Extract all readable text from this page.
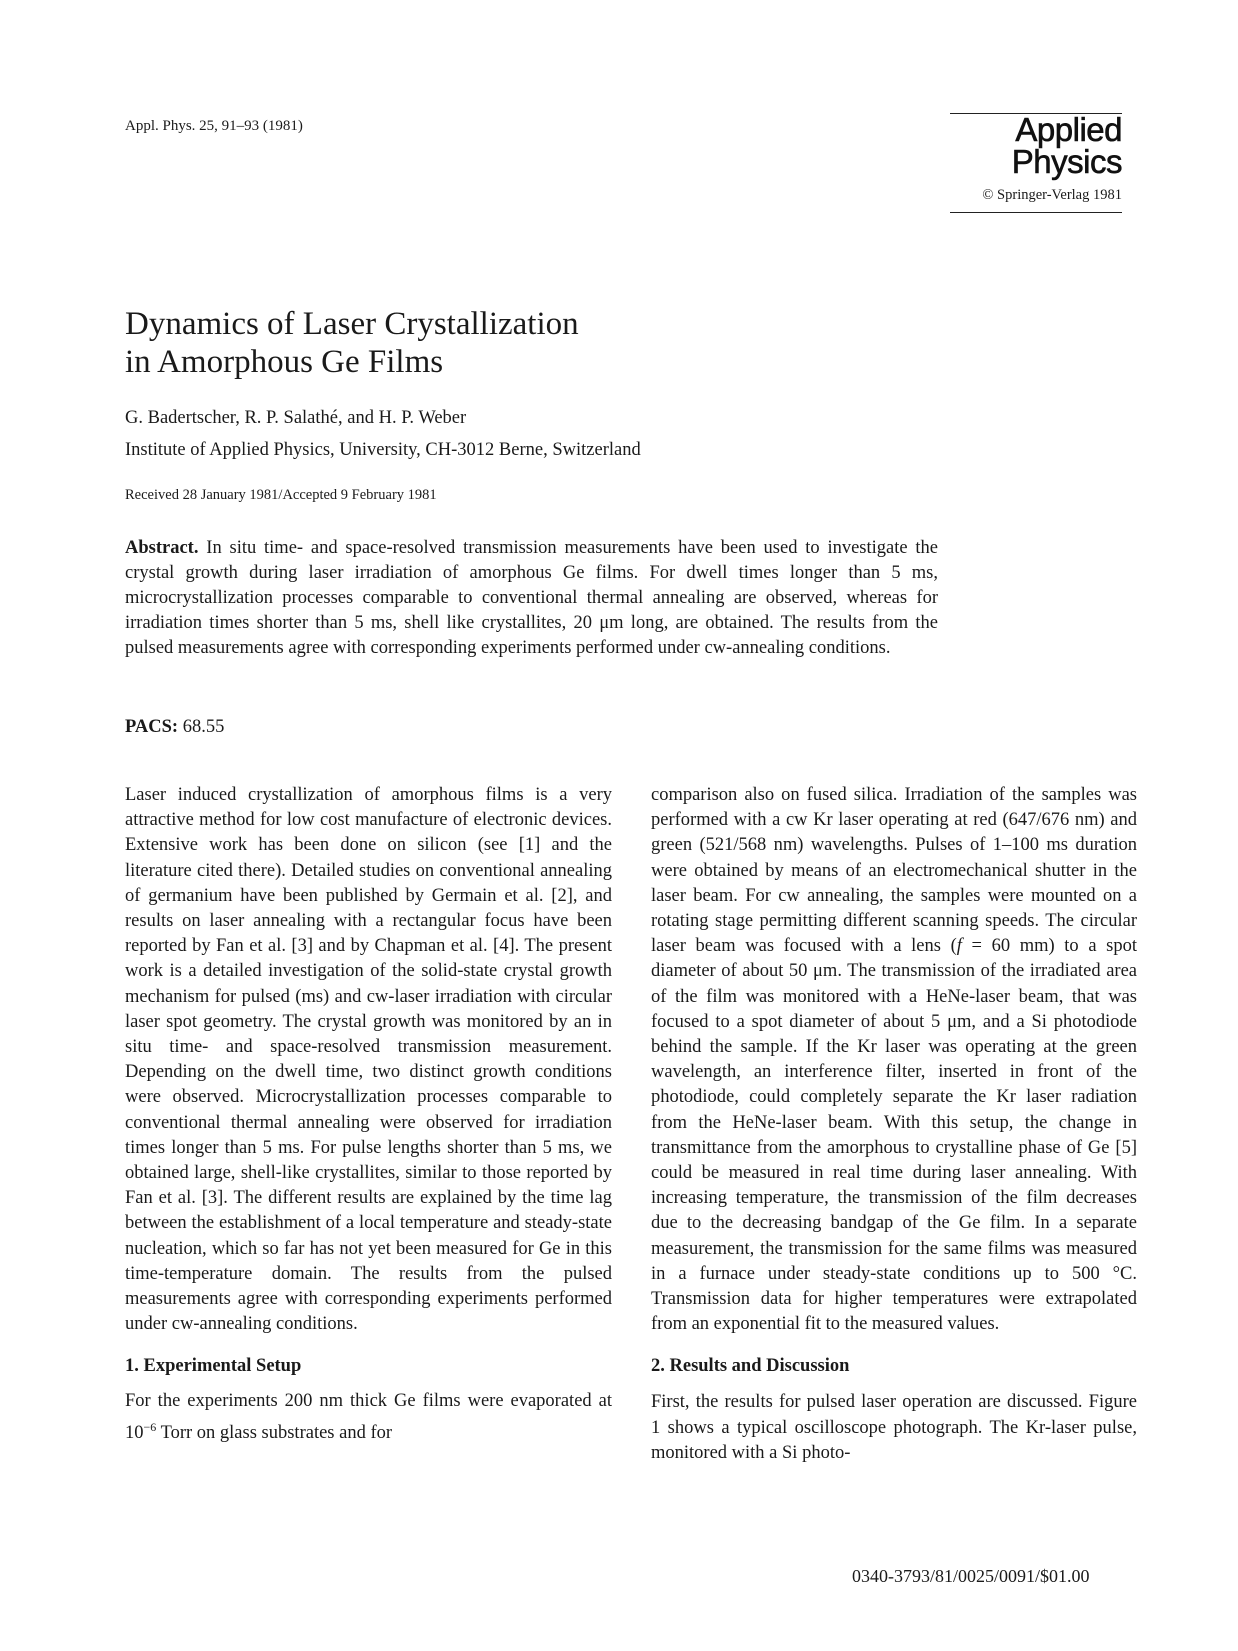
Appl. Phys. 25, 91–93 (1981)	Applied
Physics
© Springer-Verlag 1981
Dynamics of Laser Crystallization
in Amorphous Ge Films
G. Badertscher, R. P. Salathé, and H. P. Weber
Institute of Applied Physics, University, CH-3012 Berne, Switzerland
Received 28 January 1981/Accepted 9 February 1981
Abstract. In situ time- and space-resolved transmission measurements have been used to investigate the crystal growth during laser irradiation of amorphous Ge films. For dwell times longer than 5 ms, microcrystallization processes comparable to conventional thermal annealing are observed, whereas for irradiation times shorter than 5 ms, shell like crystallites, 20 μm long, are obtained. The results from the pulsed measurements agree with corresponding experiments performed under cw-annealing conditions.
PACS: 68.55

Laser induced crystallization of amorphous films is a very attractive method for low cost manufacture of electronic devices. Extensive work has been done on silicon (see [1] and the literature cited there). Detailed studies on conventional annealing of germanium have been published by Germain et al. [2], and results on laser annealing with a rectangular focus have been reported by Fan et al. [3] and by Chapman et al. [4]. The present work is a detailed investigation of the solid-state crystal growth mechanism for pulsed (ms) and cw-laser irradiation with circular laser spot geometry. The crystal growth was monitored by an in situ time- and space-resolved transmission measurement. Depending on the dwell time, two distinct growth conditions were observed. Microcrystallization processes comparable to conventional thermal annealing were observed for irradiation times longer than 5 ms. For pulse lengths shorter than 5 ms, we obtained large, shell-like crystallites, similar to those reported by Fan et al. [3]. The different results are explained by the time lag between the establishment of a local temperature and steady-state nucleation, which so far has not yet been measured for Ge in this time-temperature domain. The results from the pulsed measurements agree with corresponding experiments performed under cw-annealing conditions.

1. Experimental Setup

For the experiments 200 nm thick Ge films were evaporated at $10^{-6}$ Torr on glass substrates and for

comparison also on fused silica. Irradiation of the samples was performed with a cw Kr laser operating at red (647/676 nm) and green (521/568 nm) wavelengths. Pulses of 1–100 ms duration were obtained by means of an electromechanical shutter in the laser beam. For cw annealing, the samples were mounted on a rotating stage permitting different scanning speeds. The circular laser beam was focused with a lens (f = 60 mm) to a spot diameter of about 50 μm. The transmission of the irradiated area of the film was monitored with a HeNe-laser beam, that was focused to a spot diameter of about 5 μm, and a Si photodiode behind the sample. If the Kr laser was operating at the green wavelength, an interference filter, inserted in front of the photodiode, could completely separate the Kr laser radiation from the HeNe-laser beam. With this setup, the change in transmittance from the amorphous to crystalline phase of Ge [5] could be measured in real time during laser annealing. With increasing temperature, the transmission of the film decreases due to the decreasing bandgap of the Ge film. In a separate measurement, the transmission for the same films was measured in a furnace under steady-state conditions up to 500 °C. Transmission data for higher temperatures were extrapolated from an exponential fit to the measured values.

2. Results and Discussion

First, the results for pulsed laser operation are discussed. Figure 1 shows a typical oscilloscope photograph. The Kr-laser pulse, monitored with a Si photo-

0340-3793/81/0025/0091/$01.00
